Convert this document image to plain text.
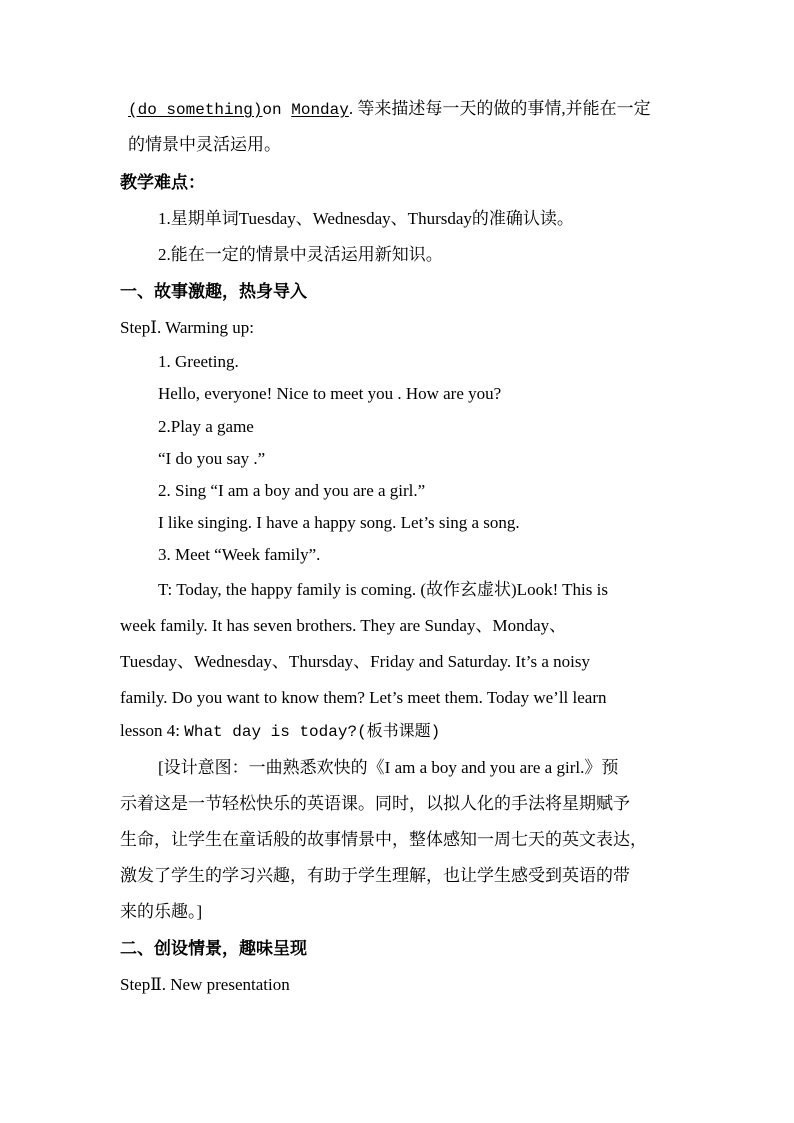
(do something)on Monday. 等来描述每一天的做的事情,并能在一定
的情景中灵活运用。
教学难点：
1.星期单词Tuesday、Wednesday、Thursday的准确认读。
2.能在一定的情景中灵活运用新知识。
一、故事激趣，热身导入
StepⅠ. Warming up:
1. Greeting.
Hello, everyone! Nice to meet you . How are you?
2.Play a game
“I do you say .”
2. Sing “I am a boy and you are a girl.”
I like singing. I have a happy song. Let’s sing a song.
3. Meet “Week family”.
T: Today, the happy family is coming. (故作玄虚状)Look! This is
week family. It has seven brothers. They are Sunday、Monday、
Tuesday、Wednesday、Thursday、Friday and Saturday. It’s a noisy
family. Do you want to know them? Let’s meet them. Today we’ll learn
lesson 4: What day is today?(板书课题)
[设计意图：一曲熟悉欢快的《I am a boy and you are a girl.》预
示着这是一节轻松快乐的英语课。同时，以拟人化的手法将星期赋予
生命，让学生在童话般的故事情景中，整体感知一周七天的英文表达，
激发了学生的学习兴趣，有助于学生理解，也让学生感受到英语的带
来的乐趣。]
二、创设情景，趣味呈现
StepⅡ. New presentation
